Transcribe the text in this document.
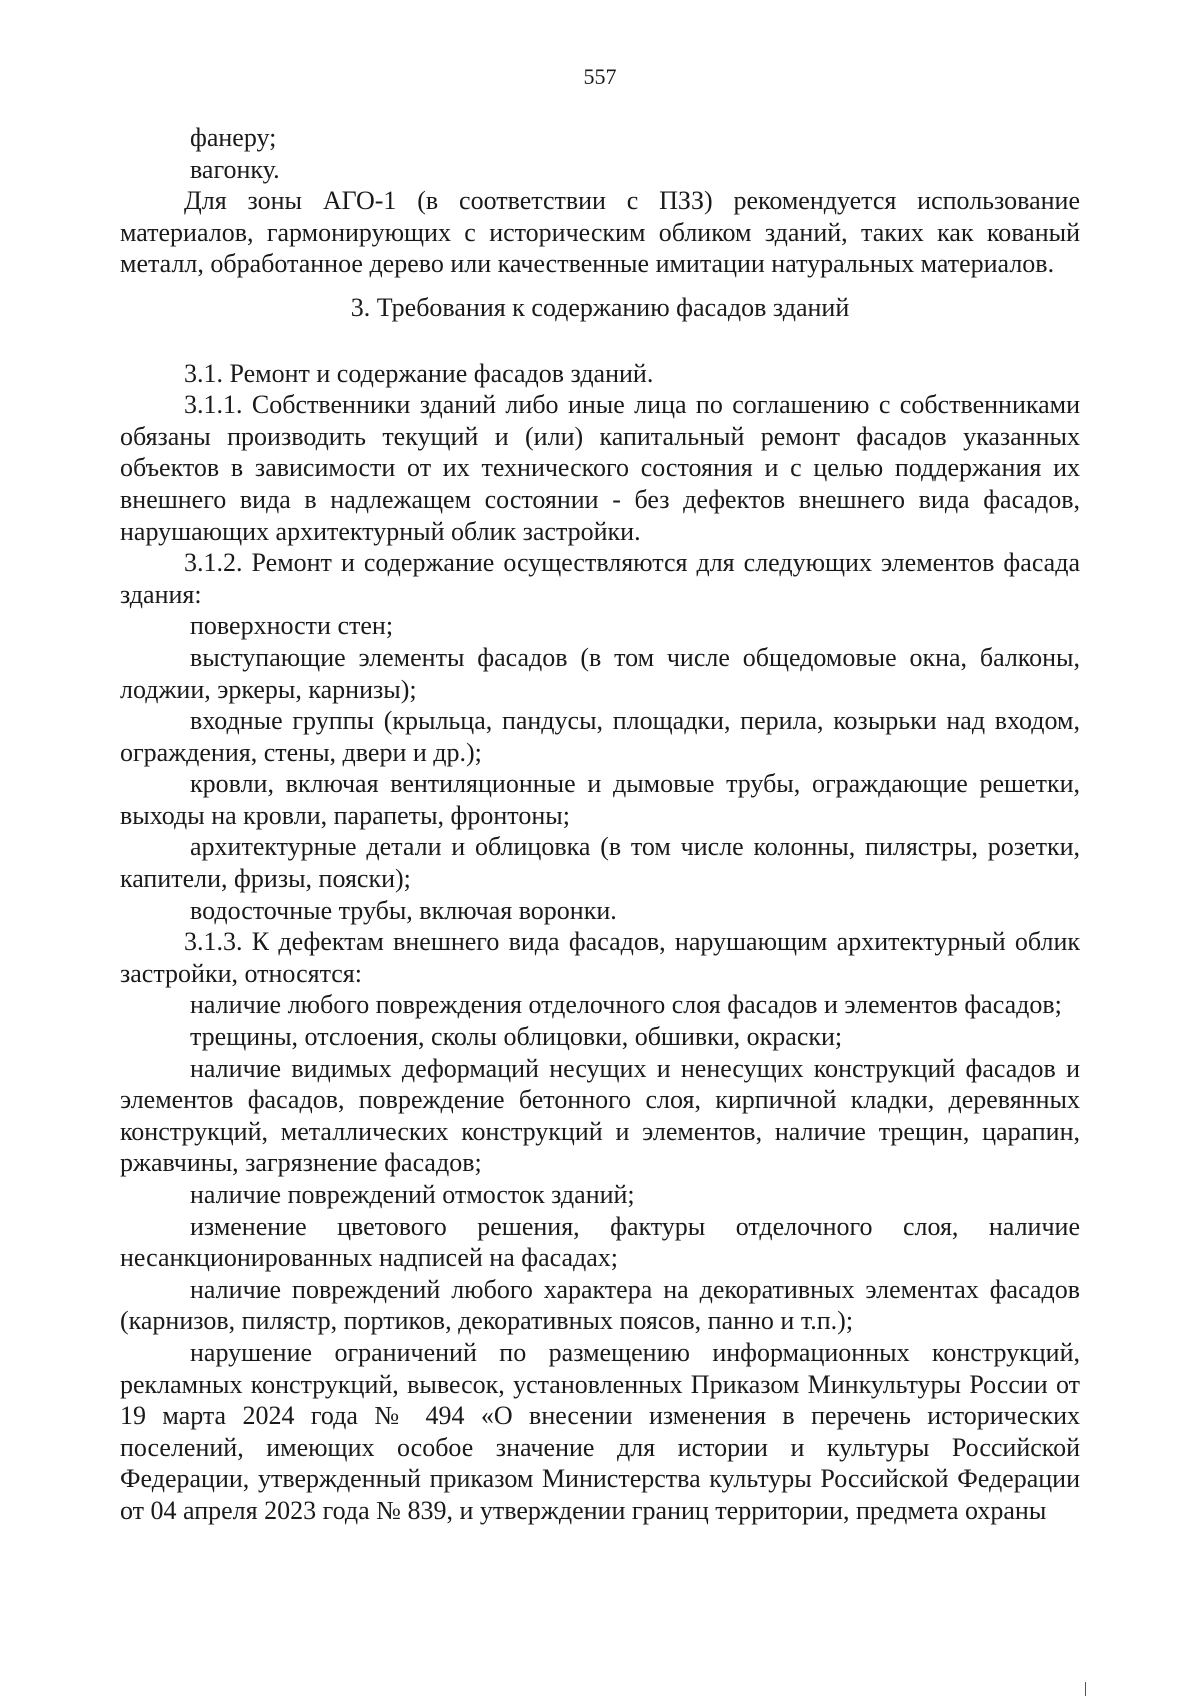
557

фанеру;

вагонку.

Для зоны АГО-1 (в соответствии с ПЗЗ) рекомендуется использование материалов, гармонирующих с историческим обликом зданий, таких как кованый металл, обработанное дерево или качественные имитации натуральных материалов.

3. Требования к содержанию фасадов зданий

3.1. Ремонт и содержание фасадов зданий.

3.1.1. Собственники зданий либо иные лица по соглашению с собственниками обязаны производить текущий и (или) капитальный ремонт фасадов указанных объектов в зависимости от их технического состояния и с целью поддержания их внешнего вида в надлежащем состоянии - без дефектов внешнего вида фасадов, нарушающих архитектурный облик застройки.

3.1.2. Ремонт и содержание осуществляются для следующих элементов фасада здания:

поверхности стен;

выступающие элементы фасадов (в том числе общедомовые окна, балконы, лоджии, эркеры, карнизы);

входные группы (крыльца, пандусы, площадки, перила, козырьки над входом, ограждения, стены, двери и др.);

кровли, включая вентиляционные и дымовые трубы, ограждающие решетки, выходы на кровли, парапеты, фронтоны;

архитектурные детали и облицовка (в том числе колонны, пилястры, розетки, капители, фризы, пояски);

водосточные трубы, включая воронки.

3.1.3. К дефектам внешнего вида фасадов, нарушающим архитектурный облик застройки, относятся:

наличие любого повреждения отделочного слоя фасадов и элементов фасадов;

трещины, отслоения, сколы облицовки, обшивки, окраски;

наличие видимых деформаций несущих и ненесущих конструкций фасадов и элементов фасадов, повреждение бетонного слоя, кирпичной кладки, деревянных конструкций, металлических конструкций и элементов, наличие трещин, царапин, ржавчины, загрязнение фасадов;

наличие повреждений отмосток зданий;

изменение цветового решения, фактуры отделочного слоя, наличие несанкционированных надписей на фасадах;

наличие повреждений любого характера на декоративных элементах фасадов (карнизов, пилястр, портиков, декоративных поясов, панно и т.п.);

нарушение ограничений по размещению информационных конструкций, рекламных конструкций, вывесок, установленных Приказом Минкультуры России от 19 марта 2024 года № 494 «О внесении изменения в перечень исторических поселений, имеющих особое значение для истории и культуры Российской Федерации, утвержденный приказом Министерства культуры Российской Федерации от 04 апреля 2023 года № 839, и утверждении границ территории, предмета охраны
